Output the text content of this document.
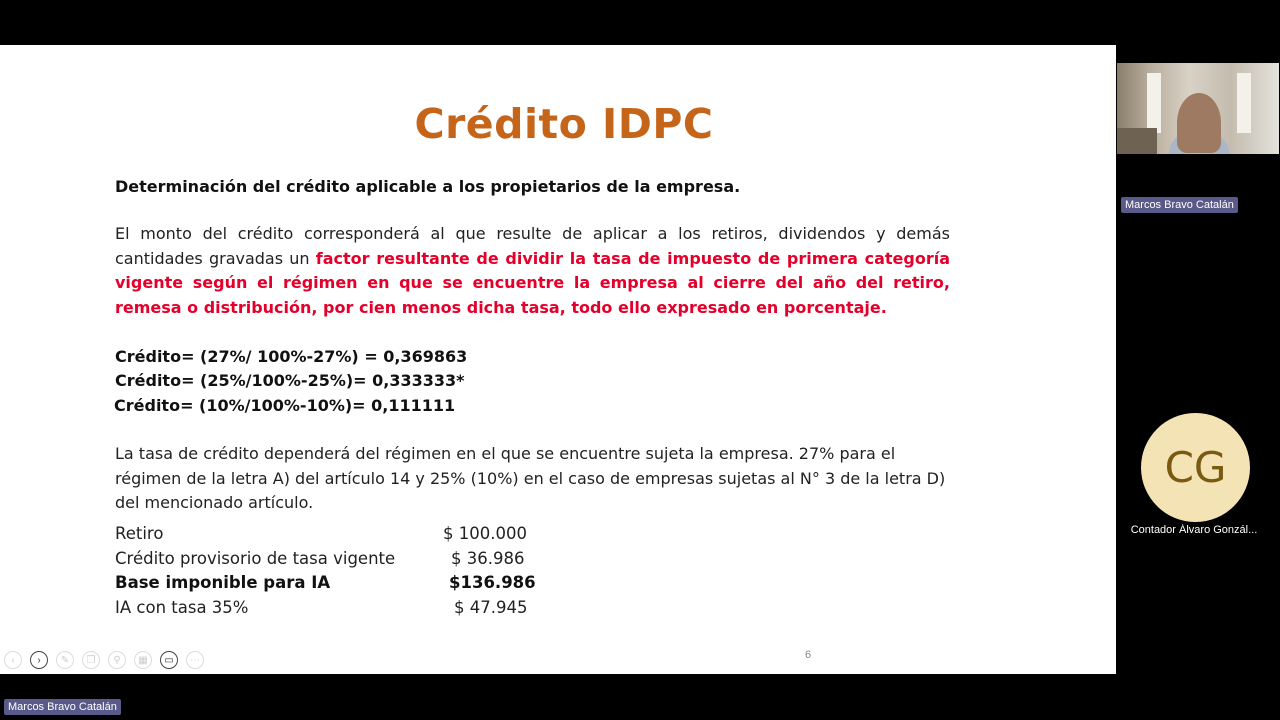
Crédito IDPC
Determinación del crédito aplicable a los propietarios de la empresa.
El monto del crédito corresponderá al que resulte de aplicar a los retiros, dividendos y demás cantidades gravadas un factor resultante de dividir la tasa de impuesto de primera categoría vigente según el régimen en que se encuentre la empresa al cierre del año del retiro, remesa o distribución, por cien menos dicha tasa, todo ello expresado en porcentaje.
Crédito= (27%/ 100%-27%) = 0,369863
Crédito= (25%/100%-25%)= 0,333333*
Crédito= (10%/100%-10%)= 0,111111
La tasa de crédito dependerá del régimen en el que se encuentre sujeta la empresa. 27% para el régimen de la letra A) del artículo 14 y 25% (10%) en el caso de empresas sujetas al N° 3 de la letra D) del mencionado artículo.
Retiro	$ 100.000
Crédito provisorio de tasa vigente	$ 36.986
Base imponible para IA	$136.986
IA con tasa 35%	$ 47.945
6
‹	›	✎	❐	⚲	▦	▭	⋯
Marcos Bravo Catalán
CG
Contador Álvaro Gonzál...
Marcos Bravo Catalán
